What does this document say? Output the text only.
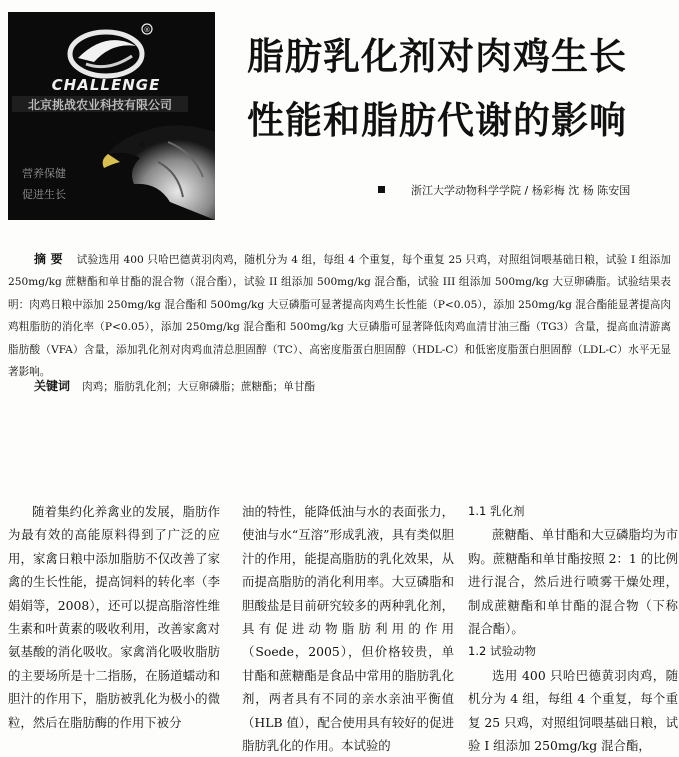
®
CHALLENGE
北京挑战农业科技有限公司
营养保健
促进生长
脂肪乳化剂对肉鸡生长
性能和脂肪代谢的影响
浙江大学动物科学学院 / 杨彩梅 沈 杨 陈安国
摘 要 试验选用 400 只哈巴德黄羽肉鸡，随机分为 4 组，每组 4 个重复，每个重复 25 只鸡，对照组饲喂基础日粮，试验 I 组添加 250mg/kg 蔗糖酯和单甘酯的混合物（混合酯），试验 II 组添加 500mg/kg 混合酯，试验 III 组添加 500mg/kg 大豆卵磷脂。试验结果表明：肉鸡日粮中添加 250mg/kg 混合酯和 500mg/kg 大豆磷脂可显著提高肉鸡生长性能（P<0.05），添加 250mg/kg 混合酯能显著提高肉鸡粗脂肪的消化率（P<0.05），添加 250mg/kg 混合酯和 500mg/kg 大豆磷脂可显著降低肉鸡血清甘油三酯（TG3）含量，提高血清游离脂肪酸（VFA）含量，添加乳化剂对肉鸡血清总胆固醇（TC）、高密度脂蛋白胆固醇（HDL-C）和低密度脂蛋白胆固醇（LDL-C）水平无显著影响。
关键词 肉鸡；脂肪乳化剂；大豆卵磷脂；蔗糖酯；单甘酯
随着集约化养禽业的发展，脂肪作为最有效的高能原料得到了广泛的应用，家禽日粮中添加脂肪不仅改善了家禽的生长性能，提高饲料的转化率（李娟娟等，2008），还可以提高脂溶性维生素和叶黄素的吸收利用，改善家禽对氨基酸的消化吸收。家禽消化吸收脂肪的主要场所是十二指肠，在肠道蠕动和胆汁的作用下，脂肪被乳化为极小的微粒，然后在脂肪酶的作用下被分
油的特性，能降低油与水的表面张力，使油与水“互溶”形成乳液，具有类似胆汁的作用，能提高脂肪的乳化效果，从而提高脂肪的消化利用率。大豆磷脂和胆酸盐是目前研究较多的两种乳化剂，具有促进动物脂肪利用的作用（Soede，2005），但价格较贵，单甘酯和蔗糖酯是食品中常用的脂肪乳化剂，两者具有不同的亲水亲油平衡值（HLB 值），配合使用具有较好的促进脂肪乳化的作用。本试验的
1.1 乳化剂
蔗糖酯、单甘酯和大豆磷脂均为市购。蔗糖酯和单甘酯按照 2：1 的比例进行混合，然后进行喷雾干燥处理，制成蔗糖酯和单甘酯的混合物（下称混合酯）。
1.2 试验动物
选用 400 只哈巴德黄羽肉鸡，随机分为 4 组，每组 4 个重复，每个重复 25 只鸡，对照组饲喂基础日粮，试验 I 组添加 250mg/kg 混合酯，
